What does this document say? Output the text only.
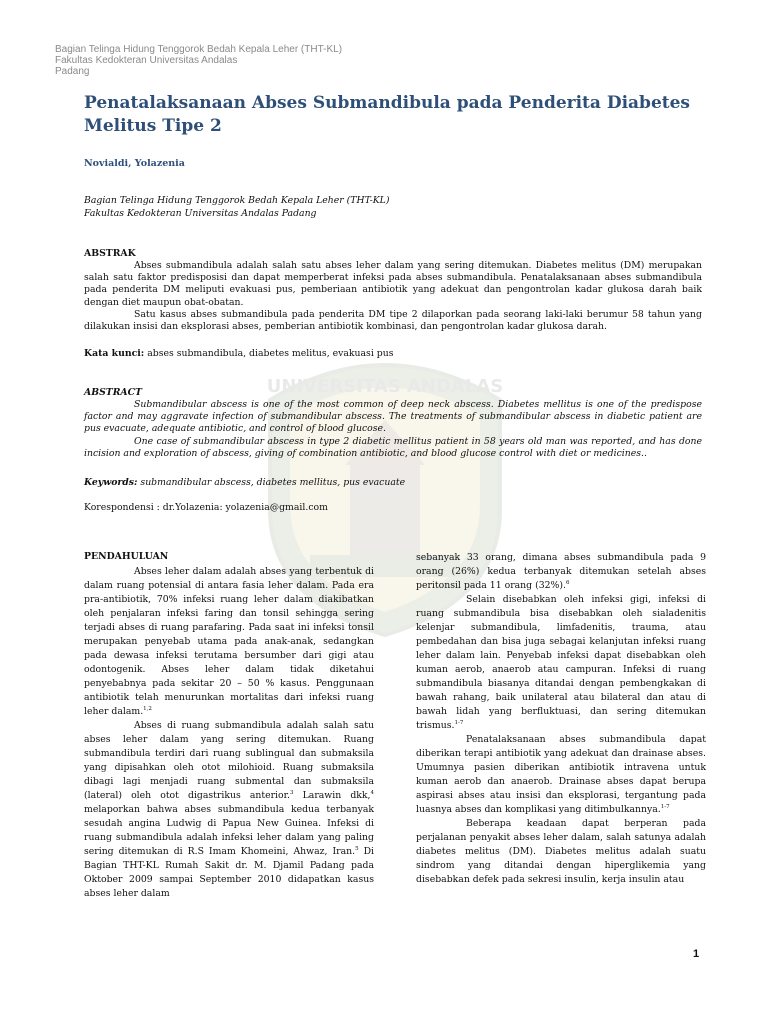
Bagian Telinga Hidung Tenggorok Bedah Kepala Leher (THT-KL)
Fakultas Kedokteran Universitas Andalas
Padang
UNIVERSITAS ANDALAS
Penatalaksanaan Abses Submandibula pada Penderita Diabetes Melitus Tipe 2
Novialdi, Yolazenia
Bagian Telinga Hidung Tenggorok Bedah Kepala Leher (THT-KL)
Fakultas Kedokteran Universitas Andalas Padang
ABSTRAK

Abses submandibula adalah salah satu abses leher dalam yang sering ditemukan. Diabetes melitus (DM) merupakan salah satu faktor predisposisi dan dapat memperberat infeksi pada abses submandibula. Penatalaksanaan abses submandibula pada penderita DM meliputi evakuasi pus, pemberiaan antibiotik yang adekuat dan pengontrolan kadar glukosa darah baik dengan diet maupun obat-obatan.

Satu kasus abses submandibula pada penderita DM tipe 2 dilaporkan pada seorang laki-laki berumur 58 tahun yang dilakukan insisi dan eksplorasi abses, pemberian antibiotik kombinasi, dan pengontrolan kadar glukosa darah.

Kata kunci: abses submandibula, diabetes melitus, evakuasi pus
ABSTRACT

Submandibular abscess is one of the most common of deep neck abscess. Diabetes mellitus is one of the predispose factor and may aggravate infection of submandibular abscess. The treatments of submandibular abscess in diabetic patient are pus evacuate, adequate antibiotic, and control of blood glucose.

One case of submandibular abscess in type 2 diabetic mellitus patient in 58 years old man was reported, and has done incision and exploration of abscess, giving of combination antibiotic, and blood glucose control with diet or medicines..

Keywords: submandibular abscess, diabetes mellitus, pus evacuate
Korespondensi : dr.Yolazenia: yolazenia@gmail.com
PENDAHULUAN

Abses leher dalam adalah abses yang terbentuk di dalam ruang potensial di antara fasia leher dalam. Pada era pra-antibiotik, 70% infeksi ruang leher dalam diakibatkan oleh penjalaran infeksi faring dan tonsil sehingga sering terjadi abses di ruang parafaring. Pada saat ini infeksi tonsil merupakan penyebab utama pada anak-anak, sedangkan pada dewasa infeksi terutama bersumber dari gigi atau odontogenik. Abses leher dalam tidak diketahui penyebabnya pada sekitar 20 – 50 % kasus. Penggunaan antibiotik telah menurunkan mortalitas dari infeksi ruang leher dalam.$^{1,2}$

Abses di ruang submandibula adalah salah satu abses leher dalam yang sering ditemukan. Ruang submandibula terdiri dari ruang sublingual dan submaksila yang dipisahkan oleh otot milohioid. Ruang submaksila dibagi lagi menjadi ruang submental dan submaksila (lateral) oleh otot digastrikus anterior.$^3$ Larawin dkk,$^4$ melaporkan bahwa abses submandibula kedua terbanyak sesudah angina Ludwig di Papua New Guinea. Infeksi di ruang submandibula adalah infeksi leher dalam yang paling sering ditemukan di R.S Imam Khomeini, Ahwaz, Iran.$^5$ Di Bagian THT-KL Rumah Sakit dr. M. Djamil Padang pada Oktober 2009 sampai September 2010 didapatkan kasus abses leher dalam

sebanyak 33 orang, dimana abses submandibula pada 9 orang (26%) kedua terbanyak ditemukan setelah abses peritonsil pada 11 orang (32%).$^6$

Selain disebabkan oleh infeksi gigi, infeksi di ruang submandibula bisa disebabkan oleh sialadenitis kelenjar submandibula, limfadenitis, trauma, atau pembedahan dan bisa juga sebagai kelanjutan infeksi ruang leher dalam lain. Penyebab infeksi dapat disebabkan oleh kuman aerob, anaerob atau campuran. Infeksi di ruang submandibula biasanya ditandai dengan pembengkakan di bawah rahang, baik unilateral atau bilateral dan atau di bawah lidah yang berfluktuasi, dan sering ditemukan trismus.$^{1-7}$

Penatalaksanaan abses submandibula dapat diberikan terapi antibiotik yang adekuat dan drainase abses. Umumnya pasien diberikan antibiotik intravena untuk kuman aerob dan anaerob. Drainase abses dapat berupa aspirasi abses atau insisi dan eksplorasi, tergantung pada luasnya abses dan komplikasi yang ditimbulkannya.$^{1-7}$

Beberapa keadaan dapat berperan pada perjalanan penyakit abses leher dalam, salah satunya adalah diabetes melitus (DM). Diabetes melitus adalah suatu sindrom yang ditandai dengan hiperglikemia yang disebabkan defek pada sekresi insulin, kerja insulin atau

1
